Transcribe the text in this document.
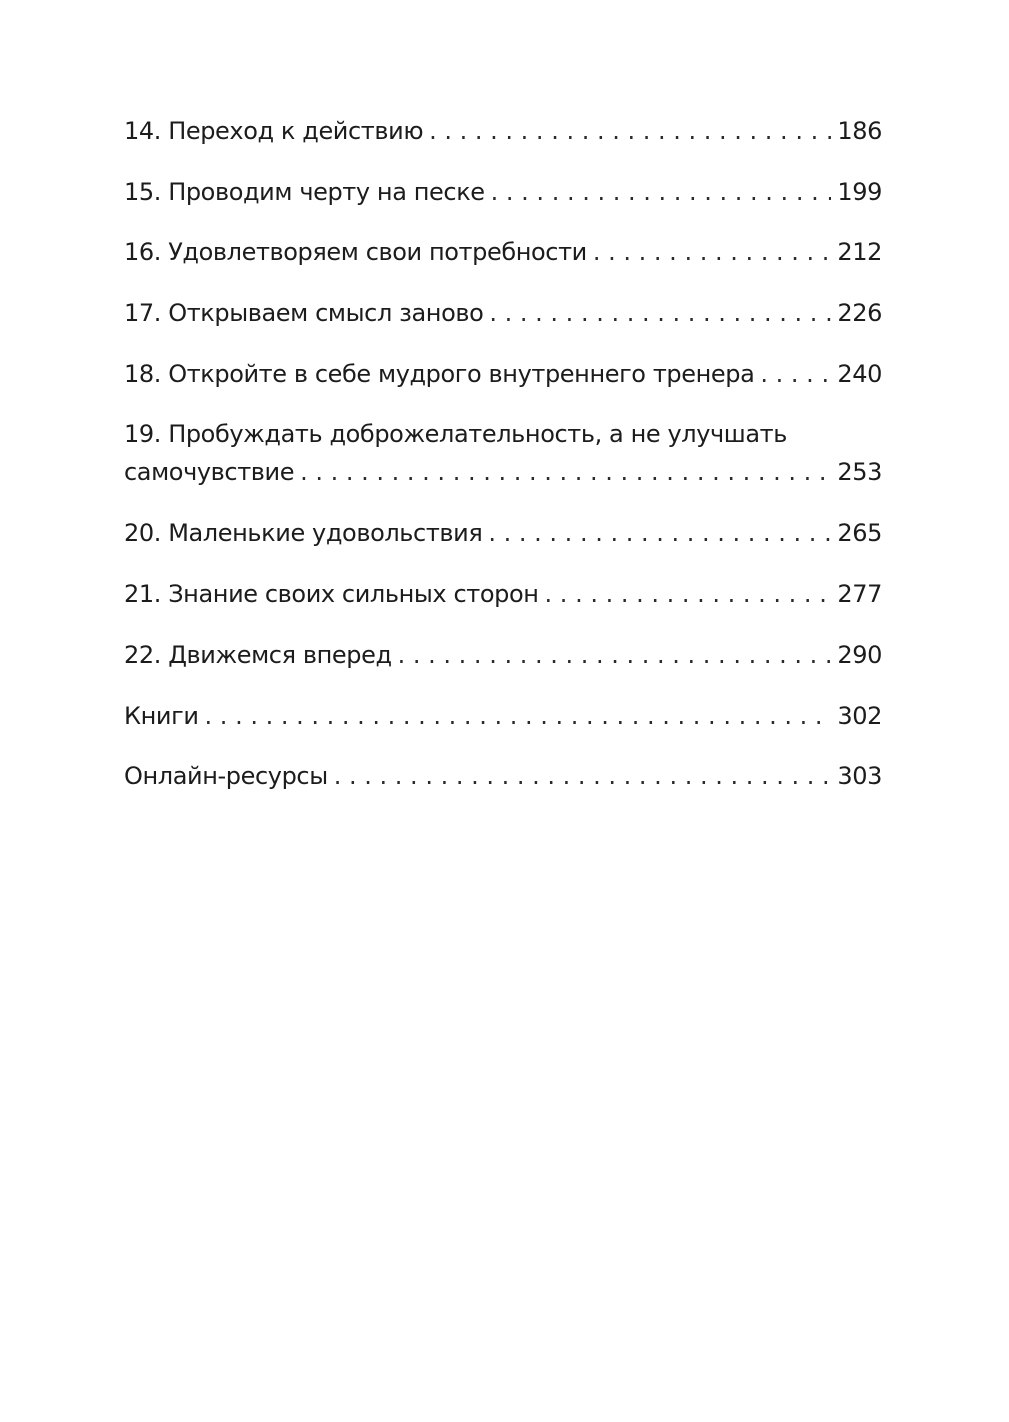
14. Переход к действию . . .	186
15. Проводим черту на песке . . .	199
16. Удовлетворяем свои потребности . . .	212
17. Открываем смысл заново . . .	226
18. Откройте в себе мудрого внутреннего тренера . . .	240
19. Пробуждать доброжелательность, а не улучшать
самочувствие . . .	253
20. Маленькие удовольствия . . .	265
21. Знание своих сильных сторон . . .	277
22. Движемся вперед . . .	290
Книги . . .	302
Онлайн-ресурсы . . .	303
